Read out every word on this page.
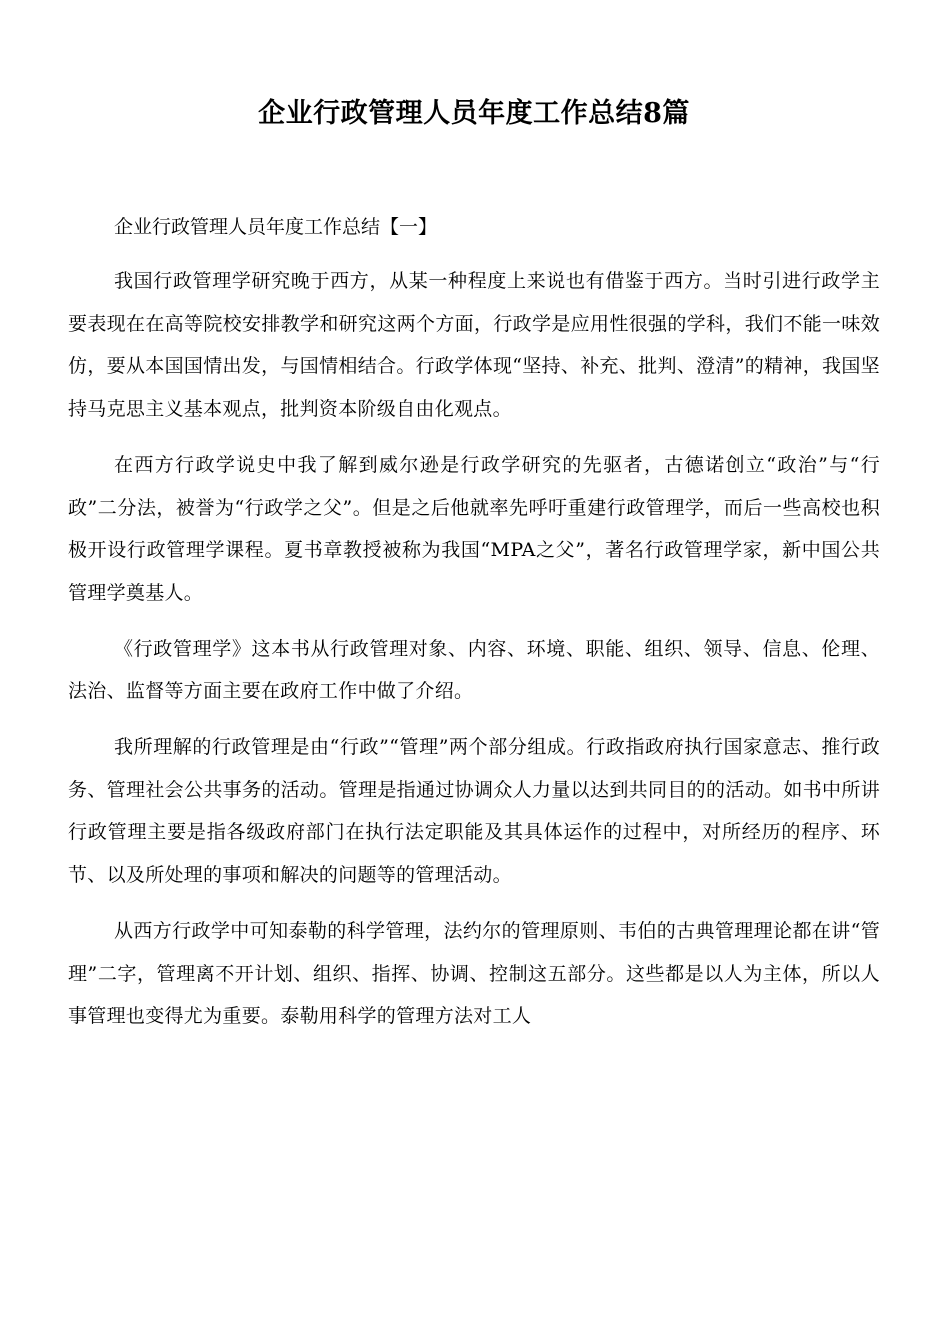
企业行政管理人员年度工作总结8篇

企业行政管理人员年度工作总结【一】

我国行政管理学研究晚于西方，从某一种程度上来说也有借鉴于西方。当时引进行政学主要表现在在高等院校安排教学和研究这两个方面，行政学是应用性很强的学科，我们不能一味效仿，要从本国国情出发，与国情相结合。行政学体现“坚持、补充、批判、澄清”的精神，我国坚持马克思主义基本观点，批判资本阶级自由化观点。

在西方行政学说史中我了解到威尔逊是行政学研究的先驱者，古德诺创立“政治”与“行政”二分法，被誉为“行政学之父”。但是之后他就率先呼吁重建行政管理学，而后一些高校也积极开设行政管理学课程。夏书章教授被称为我国“MPA之父”，著名行政管理学家，新中国公共管理学奠基人。

《行政管理学》这本书从行政管理对象、内容、环境、职能、组织、领导、信息、伦理、法治、监督等方面主要在政府工作中做了介绍。

我所理解的行政管理是由“行政”“管理”两个部分组成。行政指政府执行国家意志、推行政务、管理社会公共事务的活动。管理是指通过协调众人力量以达到共同目的的活动。如书中所讲行政管理主要是指各级政府部门在执行法定职能及其具体运作的过程中，对所经历的程序、环节、以及所处理的事项和解决的问题等的管理活动。

从西方行政学中可知泰勒的科学管理，法约尔的管理原则、韦伯的古典管理理论都在讲“管理”二字，管理离不开计划、组织、指挥、协调、控制这五部分。这些都是以人为主体，所以人事管理也变得尤为重要。泰勒用科学的管理方法对工人
